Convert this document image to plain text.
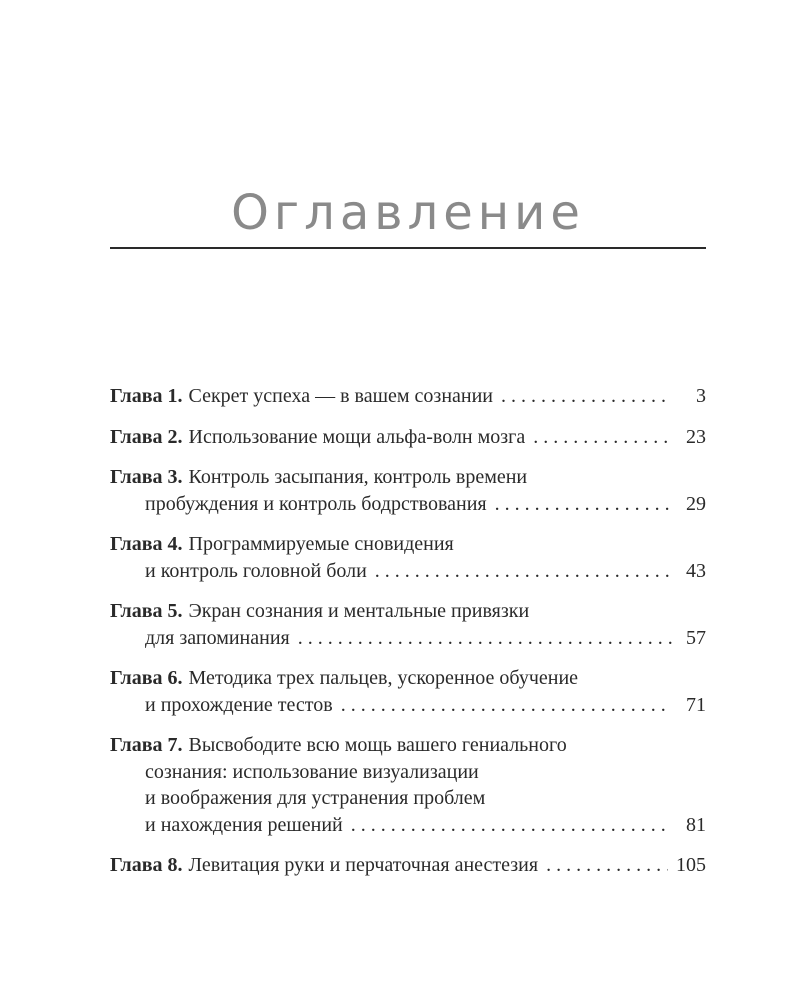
Оглавление
Глава 1. Секрет успеха — в вашем сознании . . .	3
Глава 2. Использование мощи альфа-волн мозга . . .	23
Глава 3. Контроль засыпания, контроль времени
пробуждения и контроль бодрствования . . .	29
Глава 4. Программируемые сновидения
и контроль головной боли . . .	43
Глава 5. Экран сознания и ментальные привязки
для запоминания . . .	57
Глава 6. Методика трех пальцев, ускоренное обучение
и прохождение тестов . . .	71
Глава 7. Высвободите всю мощь вашего гениального
сознания: использование визуализации
и воображения для устранения проблем
и нахождения решений . . .	81
Глава 8. Левитация руки и перчаточная анестезия . . .	105
